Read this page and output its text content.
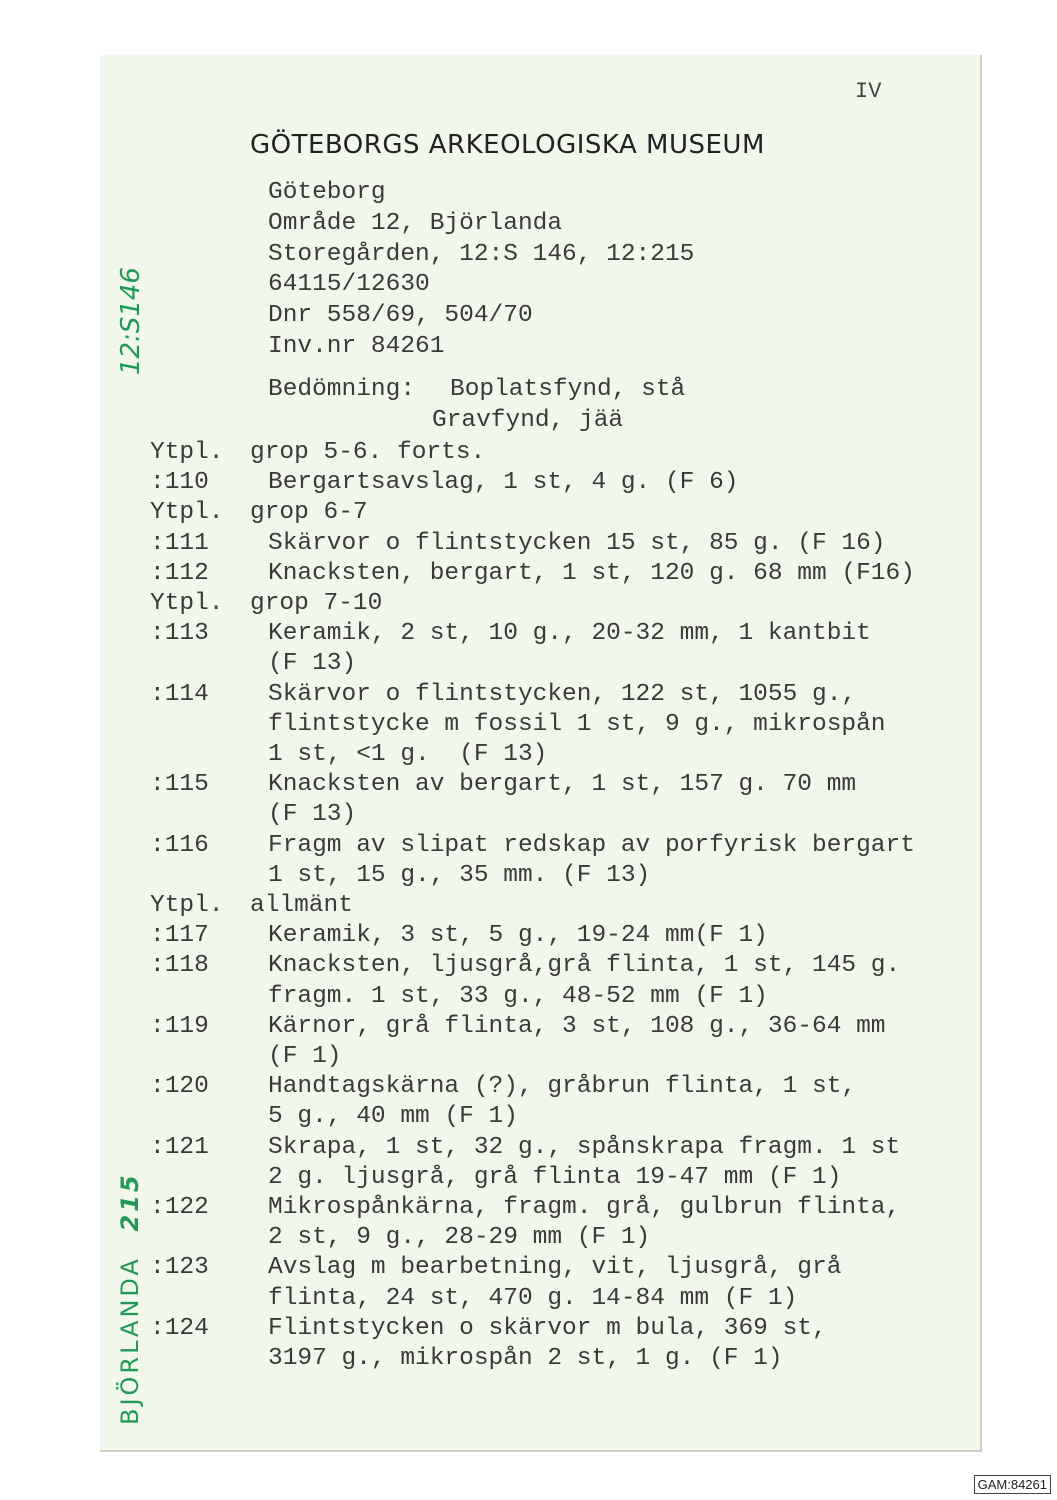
IV
GÖTEBORGS ARKEOLOGISKA MUSEUM
Göteborg
Område 12, Björlanda
Storegården, 12:S 146, 12:215
64115/12630
Dnr 558/69, 504/70
Inv.nr 84261
Bedömning: Boplatsfynd, stå
Gravfynd, jää
Ytpl. grop 5-6. forts.
:110 Bergartsavslag, 1 st, 4 g. (F 6)
Ytpl. grop 6-7
:111 Skärvor o flintstycken 15 st, 85 g. (F 16)
:112 Knacksten, bergart, 1 st, 120 g. 68 mm (F16)
Ytpl. grop 7-10
:113 Keramik, 2 st, 10 g., 20-32 mm, 1 kantbit
(F 13)
:114 Skärvor o flintstycken, 122 st, 1055 g.,
flintstycke m fossil 1 st, 9 g., mikrospån
1 st, <1 g.  (F 13)
:115 Knacksten av bergart, 1 st, 157 g. 70 mm
(F 13)
:116 Fragm av slipat redskap av porfyrisk bergart
1 st, 15 g., 35 mm. (F 13)
Ytpl. allmänt
:117 Keramik, 3 st, 5 g., 19-24 mm(F 1)
:118 Knacksten, ljusgrå,grå flinta, 1 st, 145 g.
fragm. 1 st, 33 g., 48-52 mm (F 1)
:119 Kärnor, grå flinta, 3 st, 108 g., 36-64 mm
(F 1)
:120 Handtagskärna (?), gråbrun flinta, 1 st,
5 g., 40 mm (F 1)
:121 Skrapa, 1 st, 32 g., spånskrapa fragm. 1 st
2 g. ljusgrå, grå flinta 19-47 mm (F 1)
:122 Mikrospånkärna, fragm. grå, gulbrun flinta,
2 st, 9 g., 28-29 mm (F 1)
:123 Avslag m bearbetning, vit, ljusgrå, grå
flinta, 24 st, 470 g. 14-84 mm (F 1)
:124 Flintstycken o skärvor m bula, 369 st,
3197 g., mikrospån 2 st, 1 g. (F 1)
12:S146
BJÖRLANDA 215
GAM:84261
